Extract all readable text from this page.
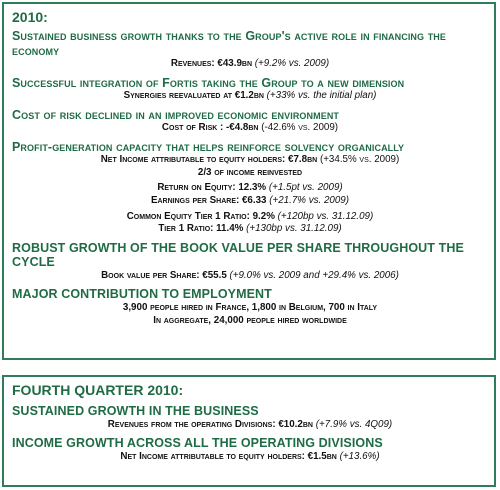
2010:
Sustained business growth thanks to the Group's active role in financing the economy
Revenues: €43.9bn (+9.2% vs. 2009)
Successful integration of Fortis taking the Group to a new dimension
Synergies reevaluated at €1.2bn (+33% vs. the initial plan)
Cost of risk declined in an improved economic environment
Cost of Risk : -€4.8bn (-42.6% vs. 2009)
Profit-generation capacity that helps reinforce solvency organically
Net Income attributable to equity holders: €7.8bn (+34.5% vs. 2009)
2/3 of income reinvested
Return on Equity: 12.3% (+1.5pt vs. 2009)
Earnings per Share: €6.33 (+21.7% vs. 2009)
Common Equity Tier 1 Ratio: 9.2% (+120bp vs. 31.12.09)
Tier 1 Ratio: 11.4% (+130bp vs. 31.12.09)
ROBUST GROWTH OF THE BOOK VALUE PER SHARE THROUGHOUT THE CYCLE
Book value per Share: €55.5 (+9.0% vs. 2009 and +29.4% vs. 2006)
MAJOR CONTRIBUTION TO EMPLOYMENT
3,900 people hired in France, 1,800 in Belgium, 700 in Italy
In aggregate, 24,000 people hired worldwide
FOURTH QUARTER 2010:
SUSTAINED GROWTH IN THE BUSINESS
Revenues from the operating Divisions: €10.2bn (+7.9% vs. 4Q09)
INCOME GROWTH ACROSS ALL THE OPERATING DIVISIONS
Net Income attributable to equity holders: €1.5bn (+13.6%)
